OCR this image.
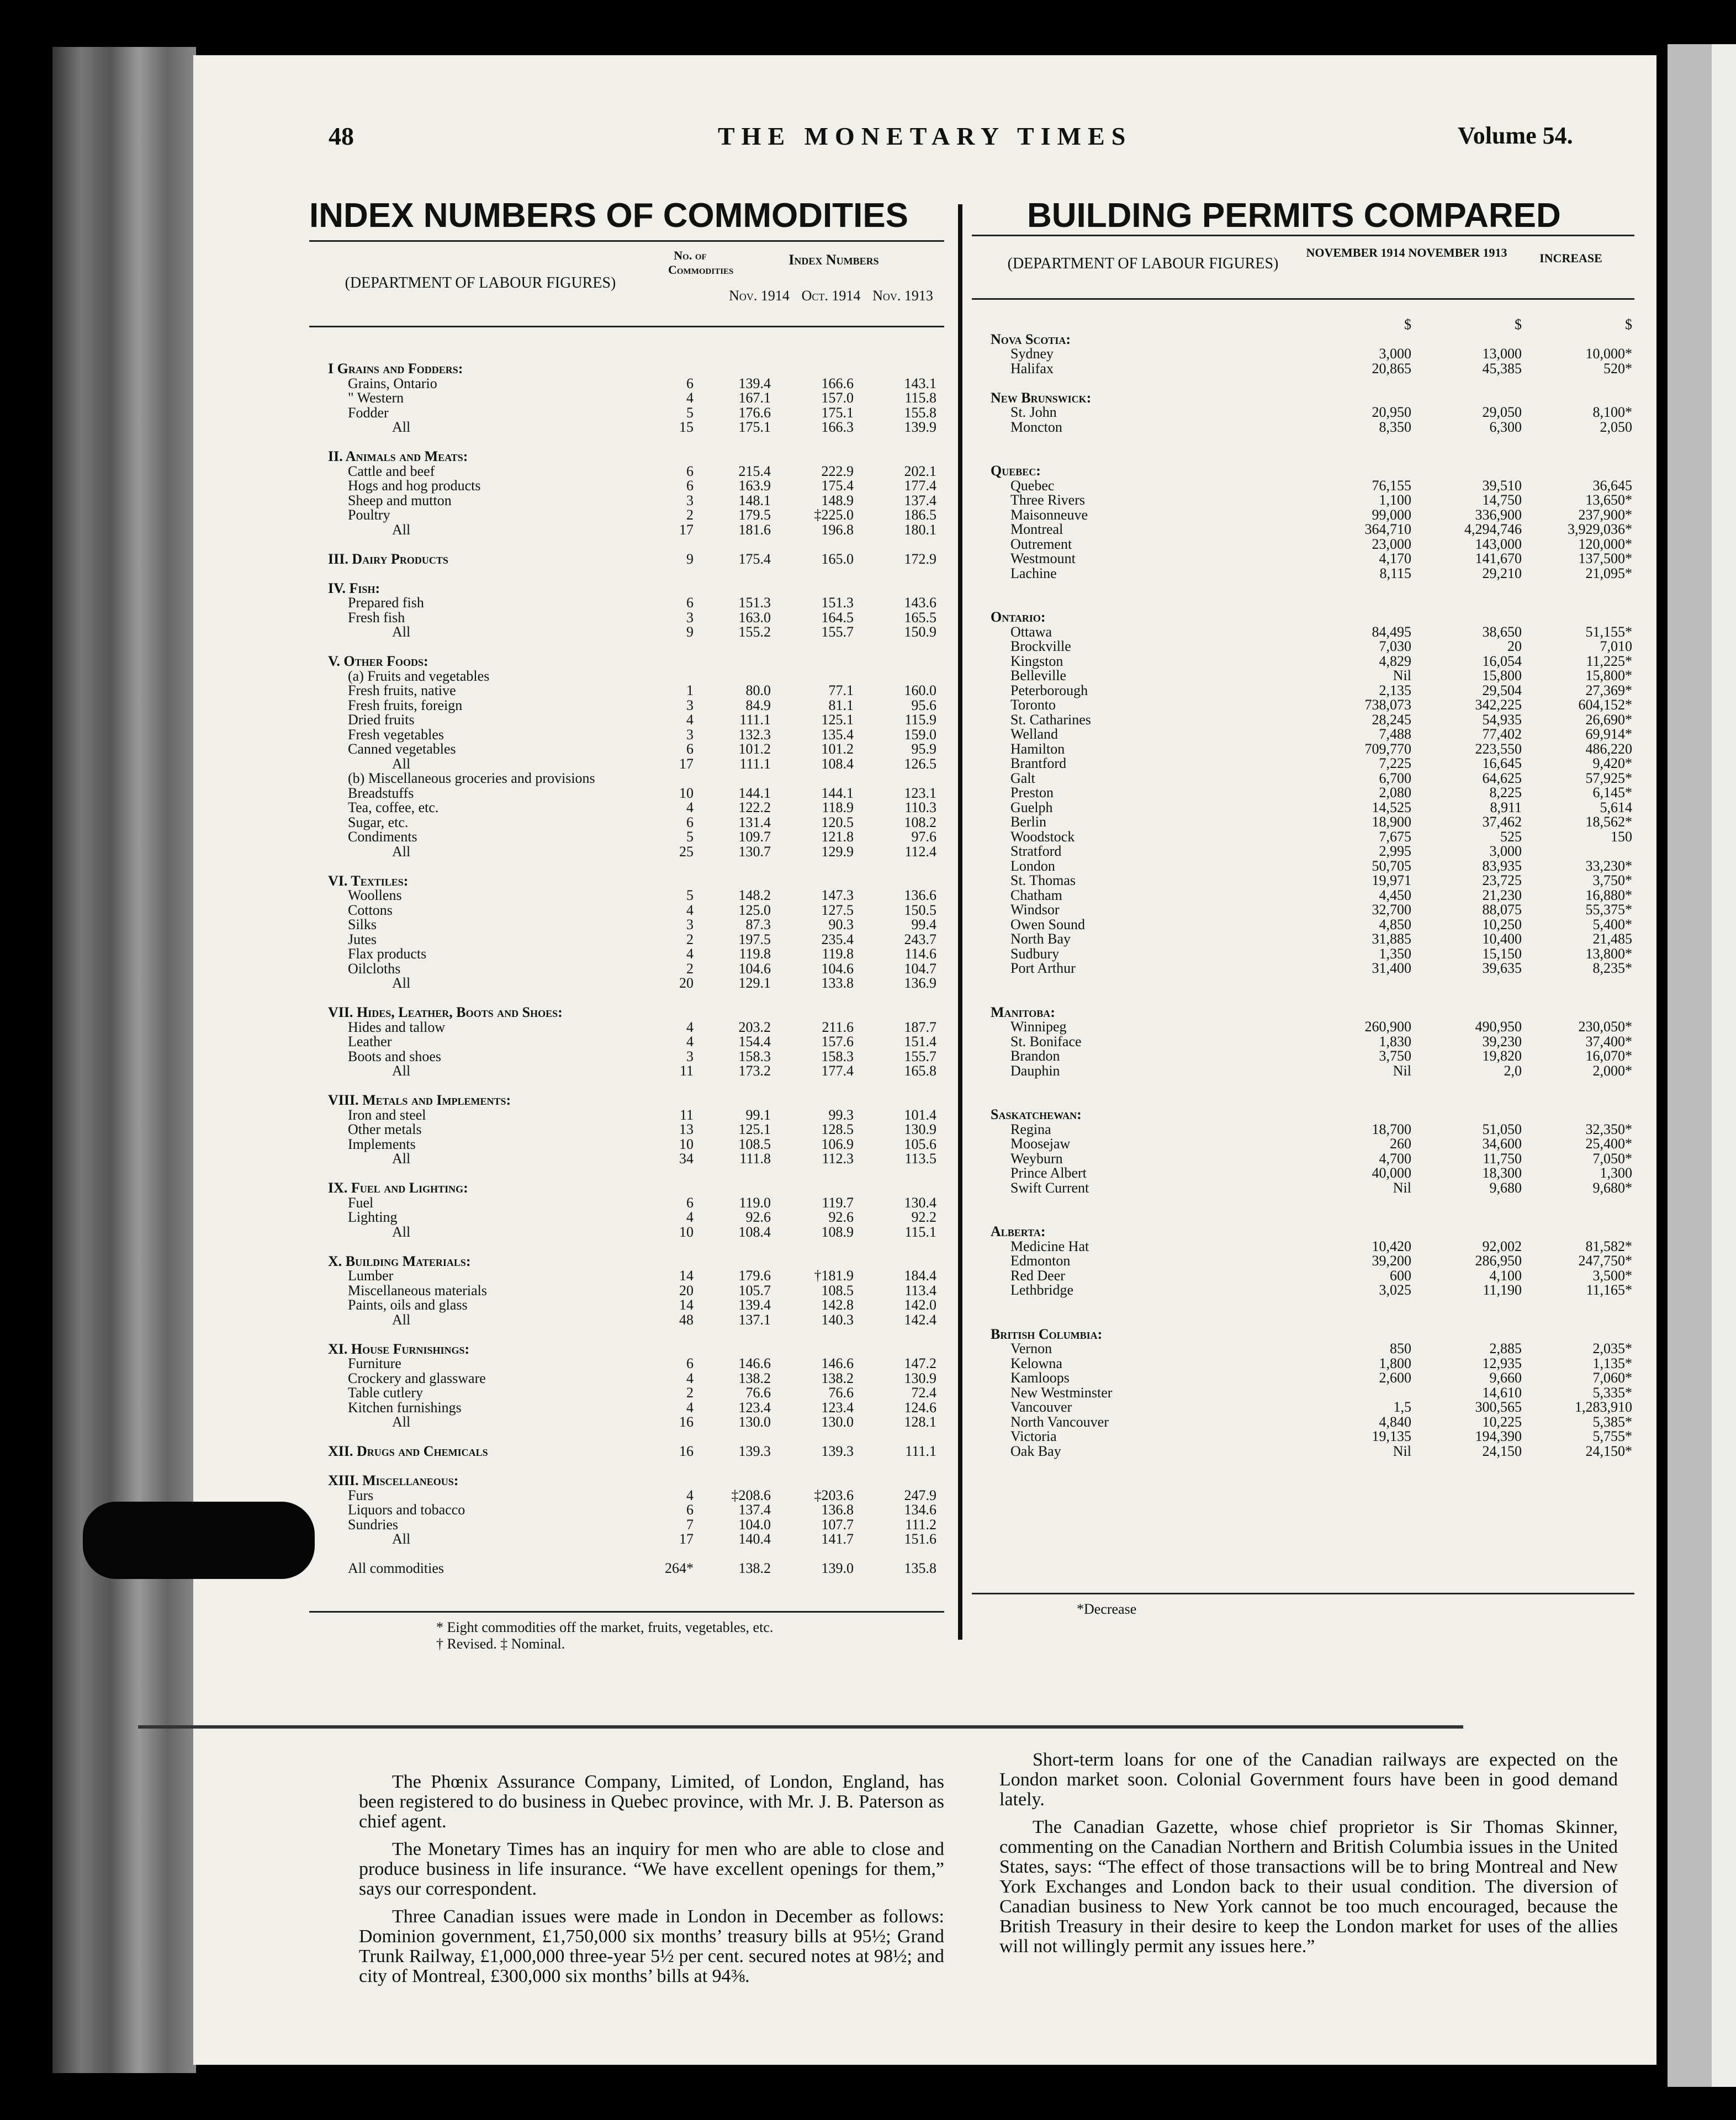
48	THE MONETARY TIMES	Volume 54.
INDEX NUMBERS OF COMMODITIES	BUILDING PERMITS COMPARED
(DEPARTMENT OF LABOUR FIGURES)
No. of Commodities
Index Numbers
Nov. 1914 Oct. 1914 Nov. 1913
I Grains and Fodders:				
Grains, Ontario	6	139.4	166.6	143.1
" Western	4	167.1	157.0	115.8
Fodder	5	176.6	175.1	155.8
All	15	175.1	166.3	139.9

II. Animals and Meats:				
Cattle and beef	6	215.4	222.9	202.1
Hogs and hog products	6	163.9	175.4	177.4
Sheep and mutton	3	148.1	148.9	137.4
Poultry	2	179.5	‡225.0	186.5
All	17	181.6	196.8	180.1

III. Dairy Products	9	175.4	165.0	172.9

IV. Fish:				
Prepared fish	6	151.3	151.3	143.6
Fresh fish	3	163.0	164.5	165.5
All	9	155.2	155.7	150.9

V. Other Foods:				
(a) Fruits and vegetables				
Fresh fruits, native	1	80.0	77.1	160.0
Fresh fruits, foreign	3	84.9	81.1	95.6
Dried fruits	4	111.1	125.1	115.9
Fresh vegetables	3	132.3	135.4	159.0
Canned vegetables	6	101.2	101.2	95.9
All	17	111.1	108.4	126.5
(b) Miscellaneous groceries and provisions				
Breadstuffs	10	144.1	144.1	123.1
Tea, coffee, etc.	4	122.2	118.9	110.3
Sugar, etc.	6	131.4	120.5	108.2
Condiments	5	109.7	121.8	97.6
All	25	130.7	129.9	112.4

VI. Textiles:				
Woollens	5	148.2	147.3	136.6
Cottons	4	125.0	127.5	150.5
Silks	3	87.3	90.3	99.4
Jutes	2	197.5	235.4	243.7
Flax products	4	119.8	119.8	114.6
Oilcloths	2	104.6	104.6	104.7
All	20	129.1	133.8	136.9

VII. Hides, Leather, Boots and Shoes:				
Hides and tallow	4	203.2	211.6	187.7
Leather	4	154.4	157.6	151.4
Boots and shoes	3	158.3	158.3	155.7
All	11	173.2	177.4	165.8

VIII. Metals and Implements:				
Iron and steel	11	99.1	99.3	101.4
Other metals	13	125.1	128.5	130.9
Implements	10	108.5	106.9	105.6
All	34	111.8	112.3	113.5

IX. Fuel and Lighting:				
Fuel	6	119.0	119.7	130.4
Lighting	4	92.6	92.6	92.2
All	10	108.4	108.9	115.1

X. Building Materials:				
Lumber	14	179.6	†181.9	184.4
Miscellaneous materials	20	105.7	108.5	113.4
Paints, oils and glass	14	139.4	142.8	142.0
All	48	137.1	140.3	142.4

XI. House Furnishings:				
Furniture	6	146.6	146.6	147.2
Crockery and glassware	4	138.2	138.2	130.9
Table cutlery	2	76.6	76.6	72.4
Kitchen furnishings	4	123.4	123.4	124.6
All	16	130.0	130.0	128.1

XII. Drugs and Chemicals	16	139.3	139.3	111.1

XIII. Miscellaneous:				
Furs	4	‡208.6	‡203.6	247.9
Liquors and tobacco	6	137.4	136.8	134.6
Sundries	7	104.0	107.7	111.2
All	17	140.4	141.7	151.6

All commodities	264*	138.2	139.0	135.8
* Eight commodities off the market, fruits, vegetables, etc.
† Revised. ‡ Nominal.
(DEPARTMENT OF LABOUR FIGURES)
NOVEMBER 1914 NOVEMBER 1913	INCREASE
	$	$	$
Nova Scotia:			
Sydney	3,000	13,000	10,000*
Halifax	20,865	45,385	520*

New Brunswick:			
St. John	20,950	29,050	8,100*
Moncton	8,350	6,300	2,050

Quebec:			
Quebec	76,155	39,510	36,645
Three Rivers	1,100	14,750	13,650*
Maisonneuve	99,000	336,900	237,900*
Montreal	364,710	4,294,746	3,929,036*
Outrement	23,000	143,000	120,000*
Westmount	4,170	141,670	137,500*
Lachine	8,115	29,210	21,095*

Ontario:			
Ottawa	84,495	38,650	51,155*
Brockville	7,030	20	7,010
Kingston	4,829	16,054	11,225*
Belleville	Nil	15,800	15,800*
Peterborough	2,135	29,504	27,369*
Toronto	738,073	342,225	604,152*
St. Catharines	28,245	54,935	26,690*
Welland	7,488	77,402	69,914*
Hamilton	709,770	223,550	486,220
Brantford	7,225	16,645	9,420*
Galt	6,700	64,625	57,925*
Preston	2,080	8,225	6,145*
Guelph	14,525	8,911	5,614
Berlin	18,900	37,462	18,562*
Woodstock	7,675	525	150
Stratford	2,995	3,000	
London	50,705	83,935	33,230*
St. Thomas	19,971	23,725	3,750*
Chatham	4,450	21,230	16,880*
Windsor	32,700	88,075	55,375*
Owen Sound	4,850	10,250	5,400*
North Bay	31,885	10,400	21,485
Sudbury	1,350	15,150	13,800*
Port Arthur	31,400	39,635	8,235*

Manitoba:			
Winnipeg	260,900	490,950	230,050*
St. Boniface	1,830	39,230	37,400*
Brandon	3,750	19,820	16,070*
Dauphin	Nil	2,0	2,000*

Saskatchewan:			
Regina	18,700	51,050	32,350*
Moosejaw	260	34,600	25,400*
Weyburn	4,700	11,750	7,050*
Prince Albert	40,000	18,300	1,300
Swift Current	Nil	9,680	9,680*

Alberta:			
Medicine Hat	10,420	92,002	81,582*
Edmonton	39,200	286,950	247,750*
Red Deer	600	4,100	3,500*
Lethbridge	3,025	11,190	11,165*

British Columbia:			
Vernon	850	2,885	2,035*
Kelowna	1,800	12,935	1,135*
Kamloops	2,600	9,660	7,060*
New Westminster		14,610	5,335*
Vancouver	1,5	300,565	1,283,910
North Vancouver	4,840	10,225	5,385*
Victoria	19,135	194,390	5,755*
Oak Bay	Nil	24,150	24,150*
*Decrease

The Phœnix Assurance Company, Limited, of London, England, has been registered to do business in Quebec province, with Mr. J. B. Paterson as chief agent.

The Monetary Times has an inquiry for men who are able to close and produce business in life insurance. “We have excellent openings for them,” says our correspondent.

Three Canadian issues were made in London in December as follows: Dominion government, £1,750,000 six months’ treasury bills at 95½; Grand Trunk Railway, £1,000,000 three-year 5½ per cent. secured notes at 98½; and city of Montreal, £300,000 six months’ bills at 94⅜.

Short-term loans for one of the Canadian railways are expected on the London market soon. Colonial Government fours have been in good demand lately.

The Canadian Gazette, whose chief proprietor is Sir Thomas Skinner, commenting on the Canadian Northern and British Columbia issues in the United States, says: “The effect of those transactions will be to bring Montreal and New York Exchanges and London back to their usual condition. The diversion of Canadian business to New York cannot be too much encouraged, because the British Treasury in their desire to keep the London market for uses of the allies will not willingly permit any issues here.”
